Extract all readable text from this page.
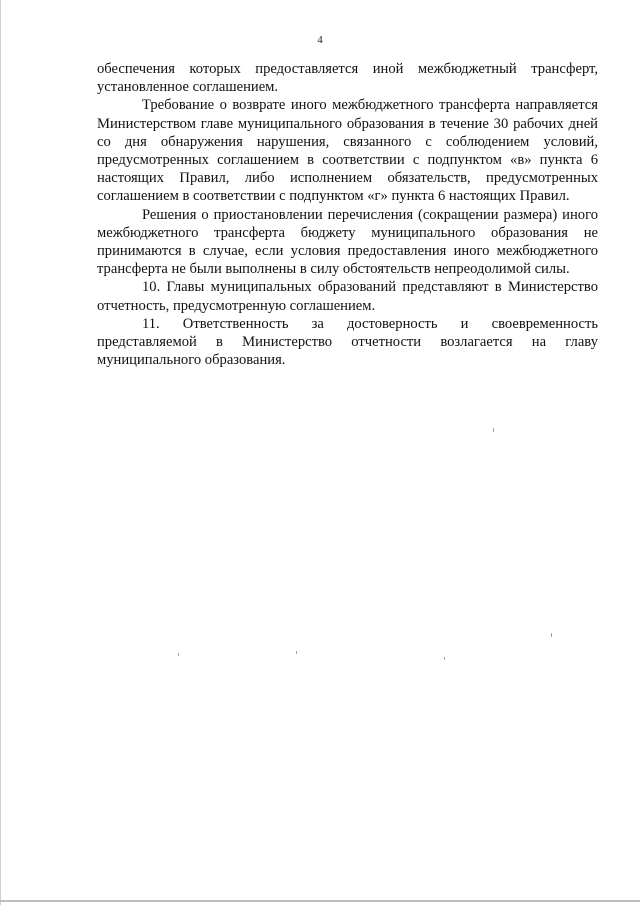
4

обеспечения которых предоставляется иной межбюджетный трансферт, установленное соглашением.

Требование о возврате иного межбюджетного трансферта направляется Министерством главе муниципального образования в течение 30 рабочих дней со дня обнаружения нарушения, связанного с соблюдением условий, предусмотренных соглашением в соответствии с подпунктом «в» пункта 6 настоящих Правил, либо исполнением обязательств, предусмотренных соглашением в соответствии с подпунктом «г» пункта 6 настоящих Правил.

Решения о приостановлении перечисления (сокращении размера) иного межбюджетного трансферта бюджету муниципального образования не принимаются в случае, если условия предоставления иного межбюджетного трансферта не были выполнены в силу обстоятельств непреодолимой силы.

10. Главы муниципальных образований представляют в Министерство отчетность, предусмотренную соглашением.

11. Ответственность за достоверность и своевременность представляемой в Министерство отчетности возлагается на главу муниципального образования.
